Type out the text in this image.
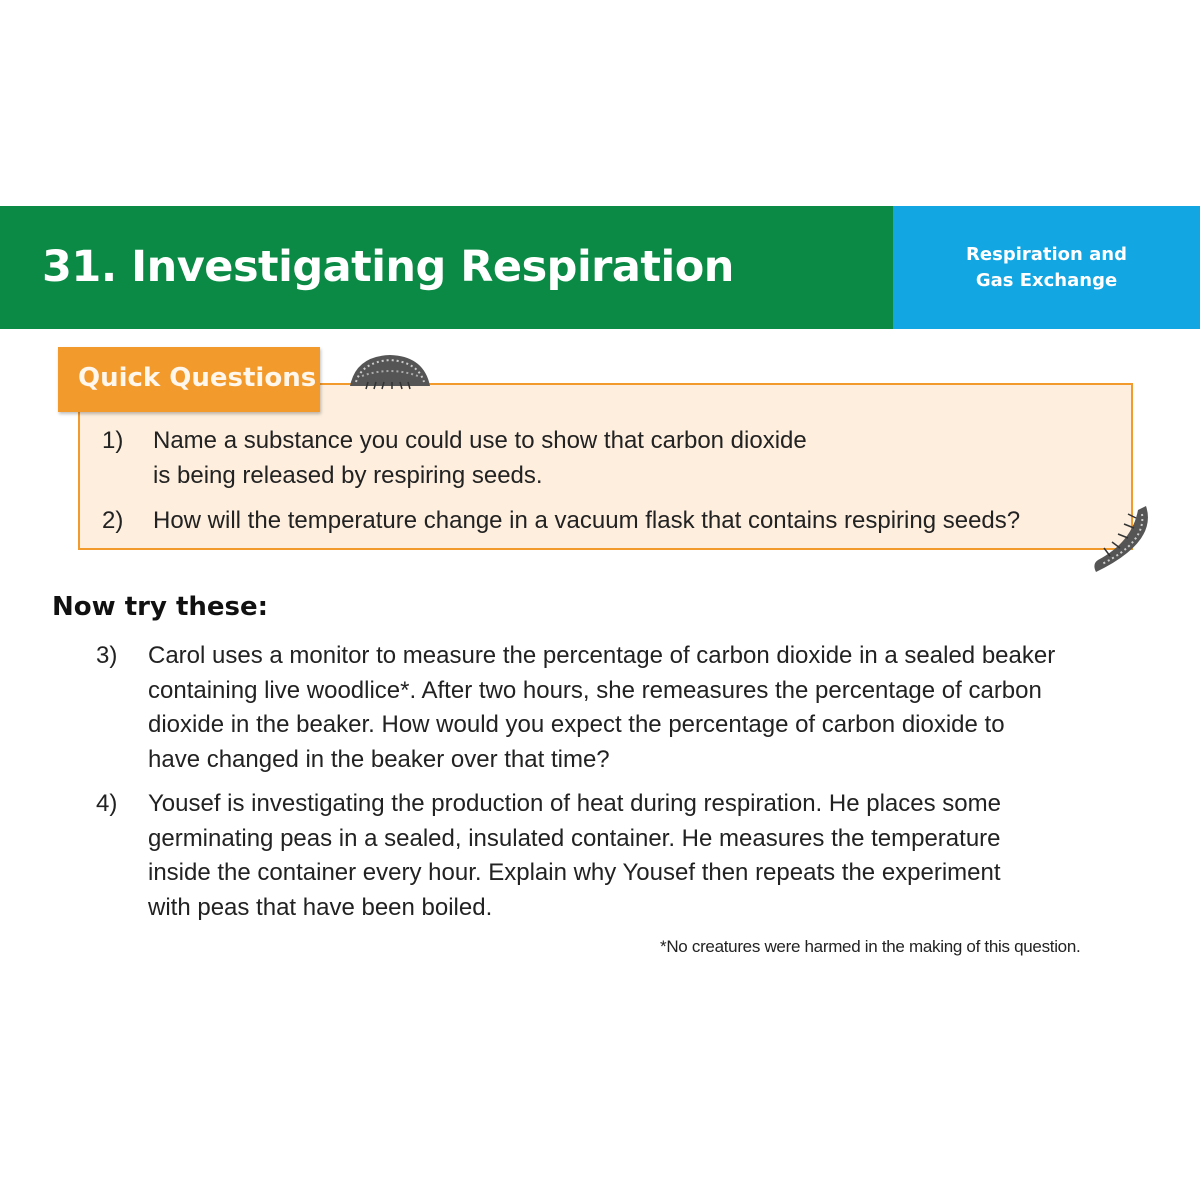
31. Investigating Respiration	Respiration and
Gas Exchange
Quick Questions
1) Name a substance you could use to show that carbon dioxide
is being released by respiring seeds.
2) How will the temperature change in a vacuum flask that contains respiring seeds?
Now try these:
3) Carol uses a monitor to measure the percentage of carbon dioxide in a sealed beaker
containing live woodlice*. After two hours, she remeasures the percentage of carbon
dioxide in the beaker. How would you expect the percentage of carbon dioxide to
have changed in the beaker over that time?
4) Yousef is investigating the production of heat during respiration. He places some
germinating peas in a sealed, insulated container. He measures the temperature
inside the container every hour. Explain why Yousef then repeats the experiment
with peas that have been boiled.
*No creatures were harmed in the making of this question.
